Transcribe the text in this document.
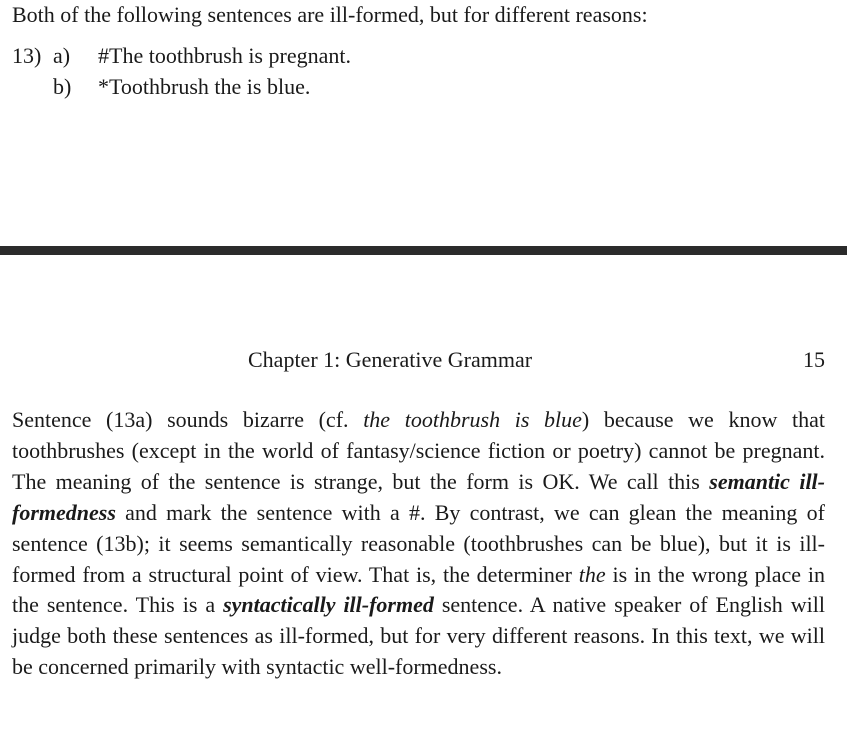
Both of the following sentences are ill-formed, but for different reasons:
13) a) #The toothbrush is pregnant.
b) *Toothbrush the is blue.
Chapter 1: Generative Grammar	15
Sentence (13a) sounds bizarre (cf. the toothbrush is blue) because we know that toothbrushes (except in the world of fantasy/science fiction or poetry) cannot be pregnant. The meaning of the sentence is strange, but the form is OK. We call this semantic ill-formedness and mark the sentence with a #. By contrast, we can glean the meaning of sentence (13b); it seems semantically reasonable (toothbrushes can be blue), but it is ill-formed from a structural point of view. That is, the determiner the is in the wrong place in the sentence. This is a syntactically ill-formed sentence. A native speaker of English will judge both these sentences as ill-formed, but for very different reasons. In this text, we will be concerned primarily with syntactic well-formedness.
